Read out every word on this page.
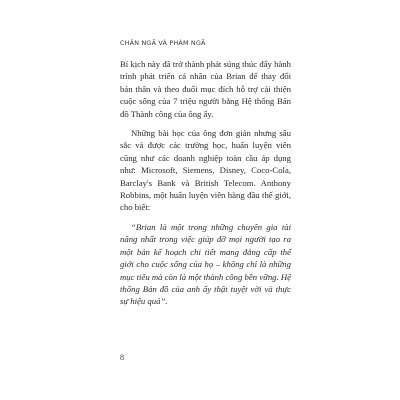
CHÂN NGÃ VÀ PHÀM NGÃ

Bí kịch này đã trở thành phát súng thúc đẩy hành trình phát triển cá nhân của Brian để thay đổi bản thân và theo đuổi mục đích hỗ trợ cải thiện cuộc sống của 7 triệu người bằng Hệ thống Bản đồ Thành công của ông ấy.

Những bài học của ông đơn giản nhưng sâu sắc và được các trường học, huấn luyện viên cũng như các doanh nghiệp toàn cầu áp dụng như: Microsoft, Siemens, Disney, Coco-Cola, Barclay's Bank và British Telecom. Anthony Robbins, một huấn luyện viên hàng đầu thế giới, cho biết:

“Brian là một trong những chuyên gia tài năng nhất trong việc giúp đỡ mọi người tạo ra một bản kế hoạch chi tiết mang đẳng cấp thế giới cho cuộc sống của họ – không chỉ là những mục tiêu mà còn là một thành công bền vững. Hệ thống Bản đồ của anh ấy thật tuyệt vời và thực sự hiệu quả”.

8
